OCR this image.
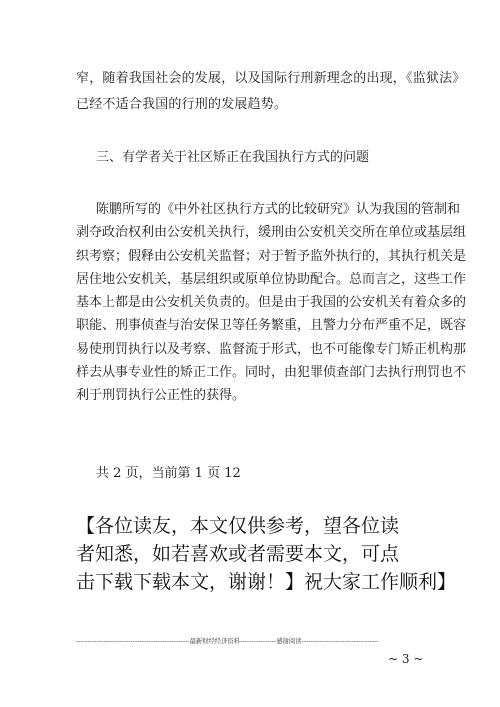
窄，随着我国社会的发展，以及国际行刑新理念的出现，《监狱法》
已经不适合我国的行刑的发展趋势。
三、有学者关于社区矫正在我国执行方式的问题
陈鹏所写的《中外社区执行方式的比较研究》认为我国的管制和
剥夺政治权利由公安机关执行，缓刑由公安机关交所在单位或基层组
织考察；假释由公安机关监督；对于暂予监外执行的，其执行机关是
居住地公安机关，基层组织或原单位协助配合。总而言之，这些工作
基本上都是由公安机关负责的。但是由于我国的公安机关有着众多的
职能、刑事侦查与治安保卫等任务繁重，且警力分布严重不足，既容
易使刑罚执行以及考察、监督流于形式，也不可能像专门矫正机构那
样去从事专业性的矫正工作。同时，由犯罪侦查部门去执行刑罚也不
利于刑罚执行公正性的获得。
共 2 页，当前第 1 页 12
【各位读友，本文仅供参考，望各位读
者知悉，如若喜欢或者需要本文，可点
击下载下载本文，谢谢！】祝大家工作顺利】
--------------------------------------------------最新财经经济资料----------------感谢阅读----------------------------------
~ 3 ~
